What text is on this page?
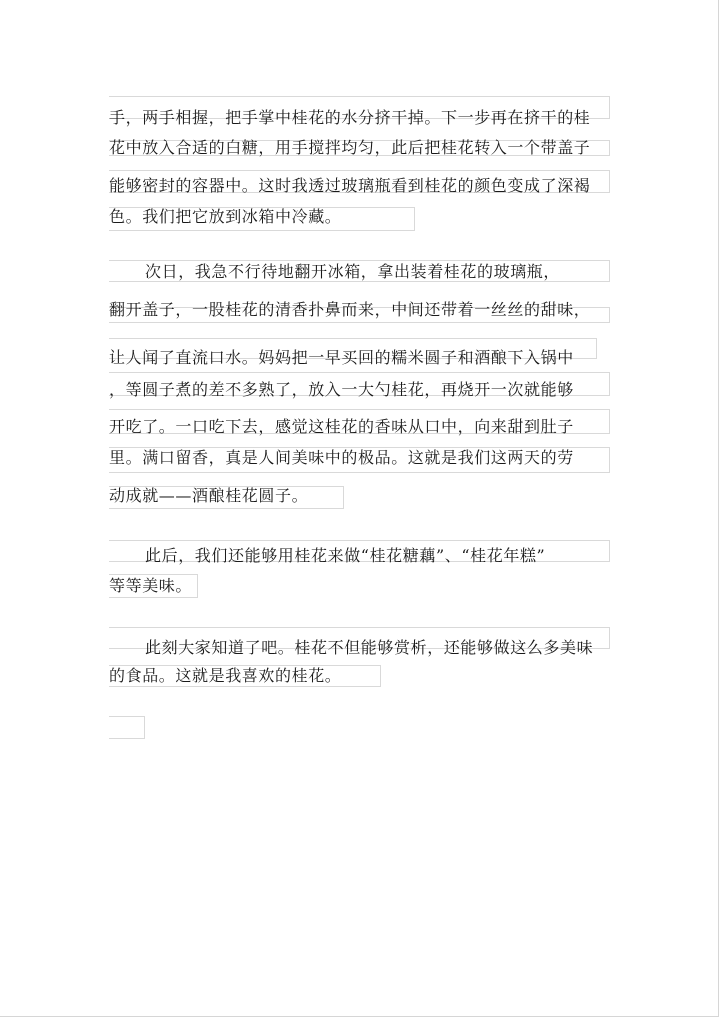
手，两手相握，把手掌中桂花的水分挤干掉。下一步再在挤干的桂
花中放入合适的白糖，用手搅拌均匀，此后把桂花转入一个带盖子
能够密封的容器中。这时我透过玻璃瓶看到桂花的颜色变成了深褐
色。我们把它放到冰箱中冷藏。
次日，我急不行待地翻开冰箱，拿出装着桂花的玻璃瓶，
翻开盖子，一股桂花的清香扑鼻而来，中间还带着一丝丝的甜味，
让人闻了直流口水。妈妈把一早买回的糯米圆子和酒酿下入锅中
，等圆子煮的差不多熟了，放入一大勺桂花，再烧开一次就能够
开吃了。一口吃下去，感觉这桂花的香味从口中，向来甜到肚子
里。满口留香，真是人间美味中的极品。这就是我们这两天的劳
动成就——酒酿桂花圆子。
此后，我们还能够用桂花来做“桂花糖藕”、“桂花年糕”
等等美味。
此刻大家知道了吧。桂花不但能够赏析，还能够做这么多美味
的食品。这就是我喜欢的桂花。
